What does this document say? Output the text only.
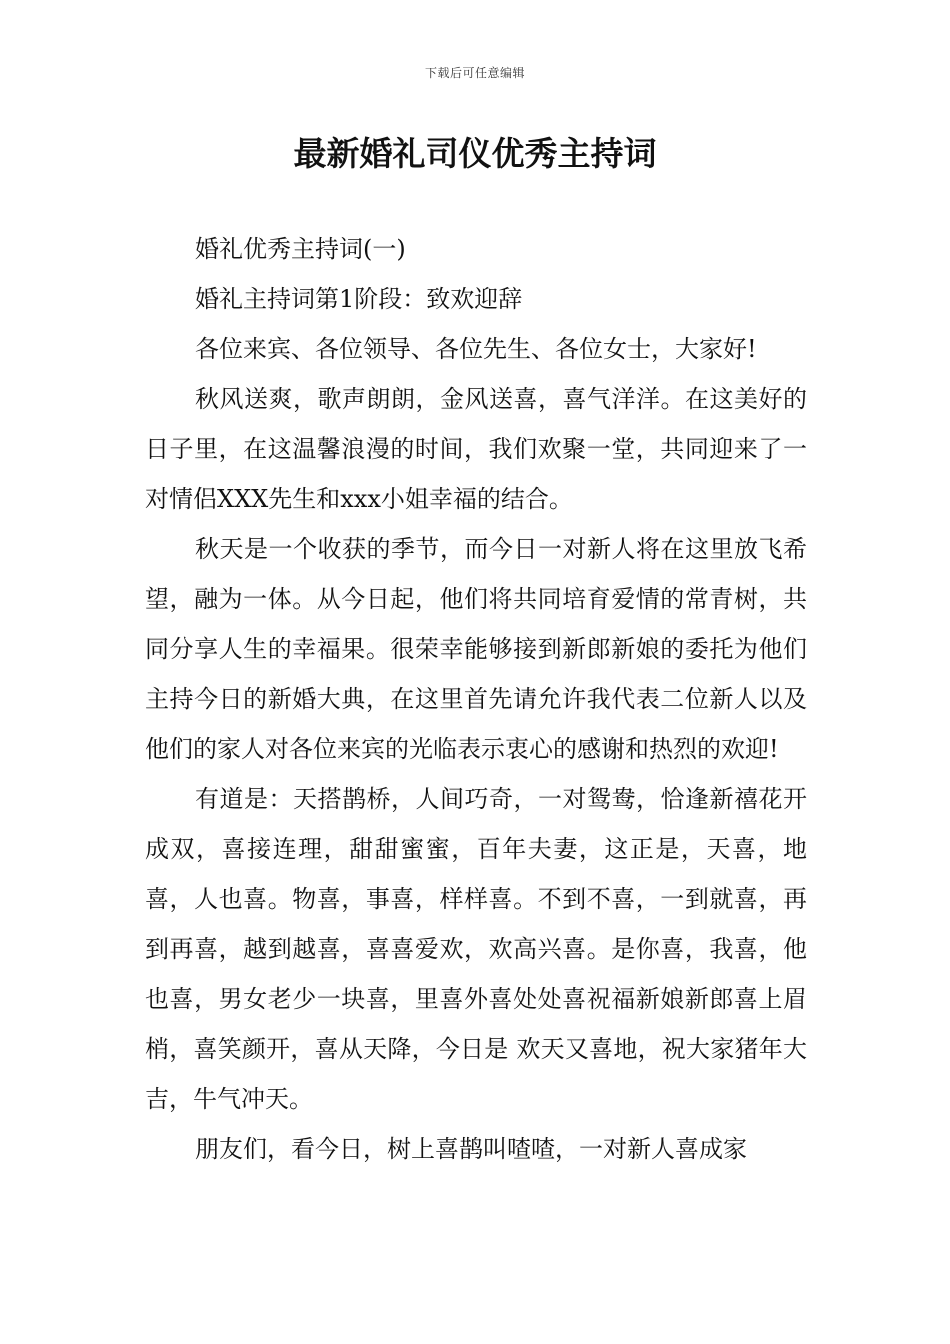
下载后可任意编辑
最新婚礼司仪优秀主持词

婚礼优秀主持词(一)

婚礼主持词第1阶段：致欢迎辞

各位来宾、各位领导、各位先生、各位女士，大家好!

秋风送爽，歌声朗朗，金风送喜，喜气洋洋。在这美好的日子里，在这温馨浪漫的时间，我们欢聚一堂，共同迎来了一对情侣XXX先生和xxx小姐幸福的结合。

秋天是一个收获的季节，而今日一对新人将在这里放飞希望，融为一体。从今日起，他们将共同培育爱情的常青树，共同分享人生的幸福果。很荣幸能够接到新郎新娘的委托为他们主持今日的新婚大典，在这里首先请允许我代表二位新人以及他们的家人对各位来宾的光临表示衷心的感谢和热烈的欢迎!

有道是：天搭鹊桥，人间巧奇，一对鸳鸯，恰逢新禧花开成双，喜接连理，甜甜蜜蜜，百年夫妻，这正是，天喜，地喜，人也喜。物喜，事喜，样样喜。不到不喜，一到就喜，再到再喜，越到越喜，喜喜爱欢，欢高兴喜。是你喜，我喜，他也喜，男女老少一块喜，里喜外喜处处喜祝福新娘新郎喜上眉梢，喜笑颜开，喜从天降，今日是 欢天又喜地，祝大家猪年大吉，牛气冲天。

朋友们，看今日，树上喜鹊叫喳喳，一对新人喜成家
